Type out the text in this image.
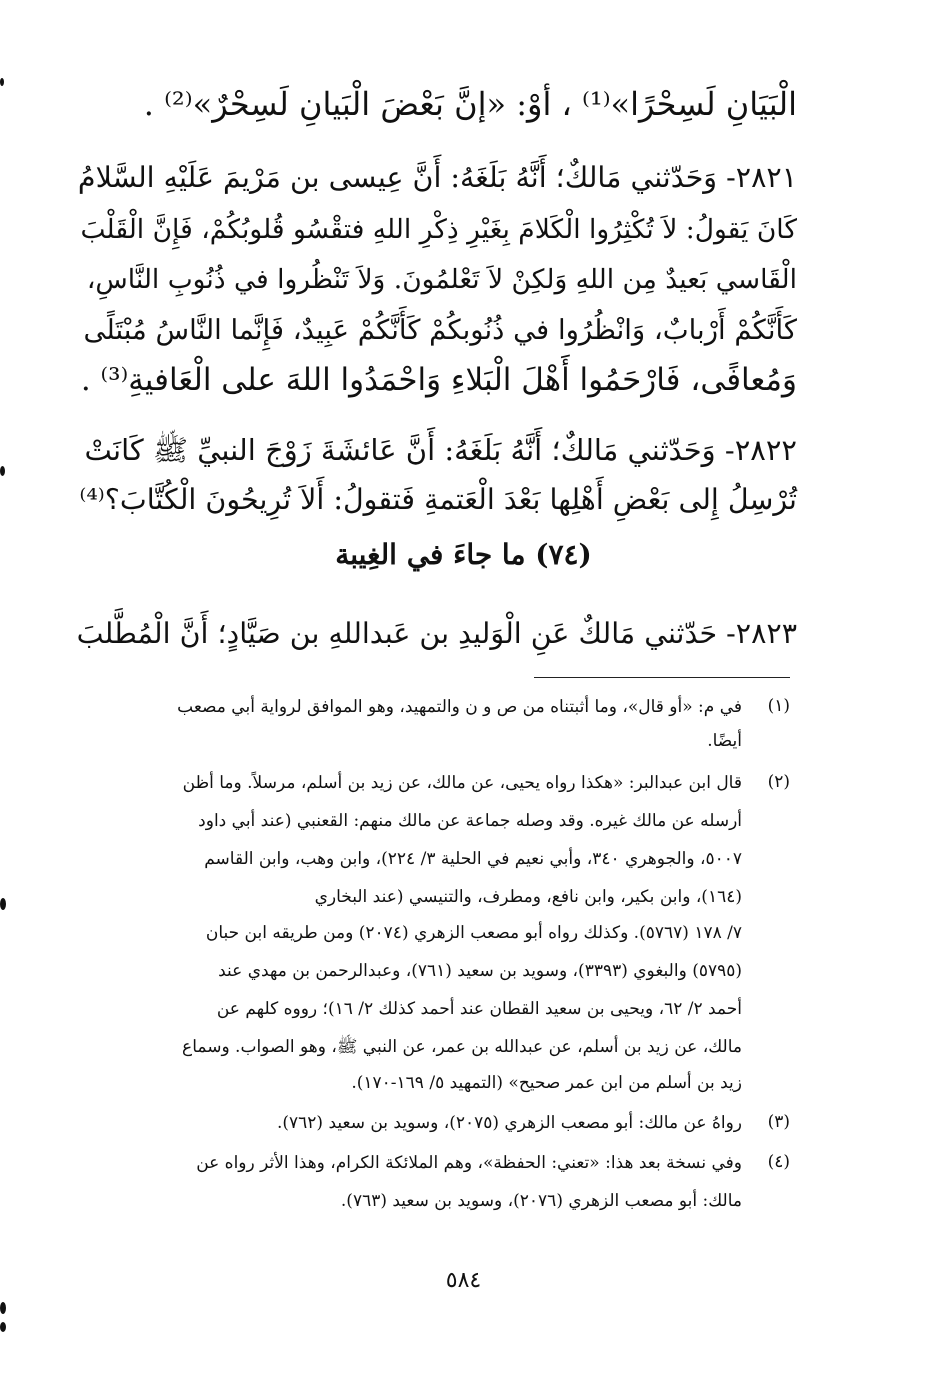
الْبَيَانِ لَسِحْرًا»⁽¹⁾ ، أوْ: «إنَّ بَعْضَ الْبَيانِ لَسِحْرٌ»⁽²⁾ .
٢٨٢١- وَحَدّثني مَالكٌ؛ أَنَّهُ بَلَغَهُ: أَنَّ عِيسى بن مَرْيمَ عَلَيْهِ السَّلامُ
كَانَ يَقولُ: لاَ تُكْثِرُوا الْكَلامَ بِغَيْرِ ذِكْرِ اللهِ فتقْسُو قُلوبُكُمْ، فَإِنَّ الْقَلْبَ
الْقَاسي بَعيدٌ مِن اللهِ وَلكِنْ لاَ تَعْلمُونَ. وَلاَ تَنْظُروا في ذُنُوبِ النَّاسِ،
كَأَنَّكُمْ أَرْبابٌ، وَانْظُرُوا في ذُنُوبكُمْ كَأَنَّكُمْ عَبِيدٌ، فَإِنَّما النَّاسُ مُبْتَلًى
وَمُعافًى، فَارْحَمُوا أَهْلَ الْبَلاءِ وَاحْمَدُوا اللهَ على الْعَافيةِ⁽³⁾ .
٢٨٢٢- وَحَدّثني مَالكٌ؛ أَنَّهُ بَلَغَهُ: أَنَّ عَائشَةَ زَوْجَ النبيِّ ﷺ كَانَتْ
تُرْسِلُ إِلى بَعْضِ أَهْلِها بَعْدَ الْعَتمةِ فَتقولُ: أَلاَ تُرِيحُونَ الْكُتَّابَ؟⁽⁴⁾
(٧٤) ما جاءَ في الغِيبة
٢٨٢٣- حَدّثني مَالكٌ عَنِ الْوَليدِ بن عَبداللهِ بن صَيَّادٍ؛ أَنَّ الْمُطَّلبَ
(١)
في م: «أو قال»، وما أثبتناه من ص و ن والتمهيد، وهو الموافق لرواية أبي مصعب
أيضًا.
(٢)
قال ابن عبدالبر: «هكذا رواه يحيى، عن مالك، عن زيد بن أسلم، مرسلاً. وما أظن
أرسله عن مالك غيره. وقد وصله جماعة عن مالك منهم: القعنبي (عند أبي داود
٥٠٠٧، والجوهري ٣٤٠، وأبي نعيم في الحلية ٣/ ٢٢٤)، وابن وهب، وابن القاسم
(١٦٤)، وابن بكير، وابن نافع، ومطرف، والتنيسي (عند البخاري
٧/ ١٧٨ (٥٧٦٧). وكذلك رواه أبو مصعب الزهري (٢٠٧٤) ومن طريقه ابن حبان
(٥٧٩٥) والبغوي (٣٣٩٣)، وسويد بن سعيد (٧٦١)، وعبدالرحمن بن مهدي عند
أحمد ٢/ ٦٢، ويحيى بن سعيد القطان عند أحمد كذلك ٢/ ١٦)؛ رووه كلهم عن
مالك، عن زيد بن أسلم، عن عبدالله بن عمر، عن النبي ﷺ، وهو الصواب. وسماع
زيد بن أسلم من ابن عمر صحيح» (التمهيد ٥/ ١٦٩-١٧٠).
(٣)
رواهُ عن مالك: أبو مصعب الزهري (٢٠٧٥)، وسويد بن سعيد (٧٦٢).
(٤)
وفي نسخة بعد هذا: «تعني: الحفظة»، وهم الملائكة الكرام، وهذا الأثر رواه عن
مالك: أبو مصعب الزهري (٢٠٧٦)، وسويد بن سعيد (٧٦٣).
٥٨٤
